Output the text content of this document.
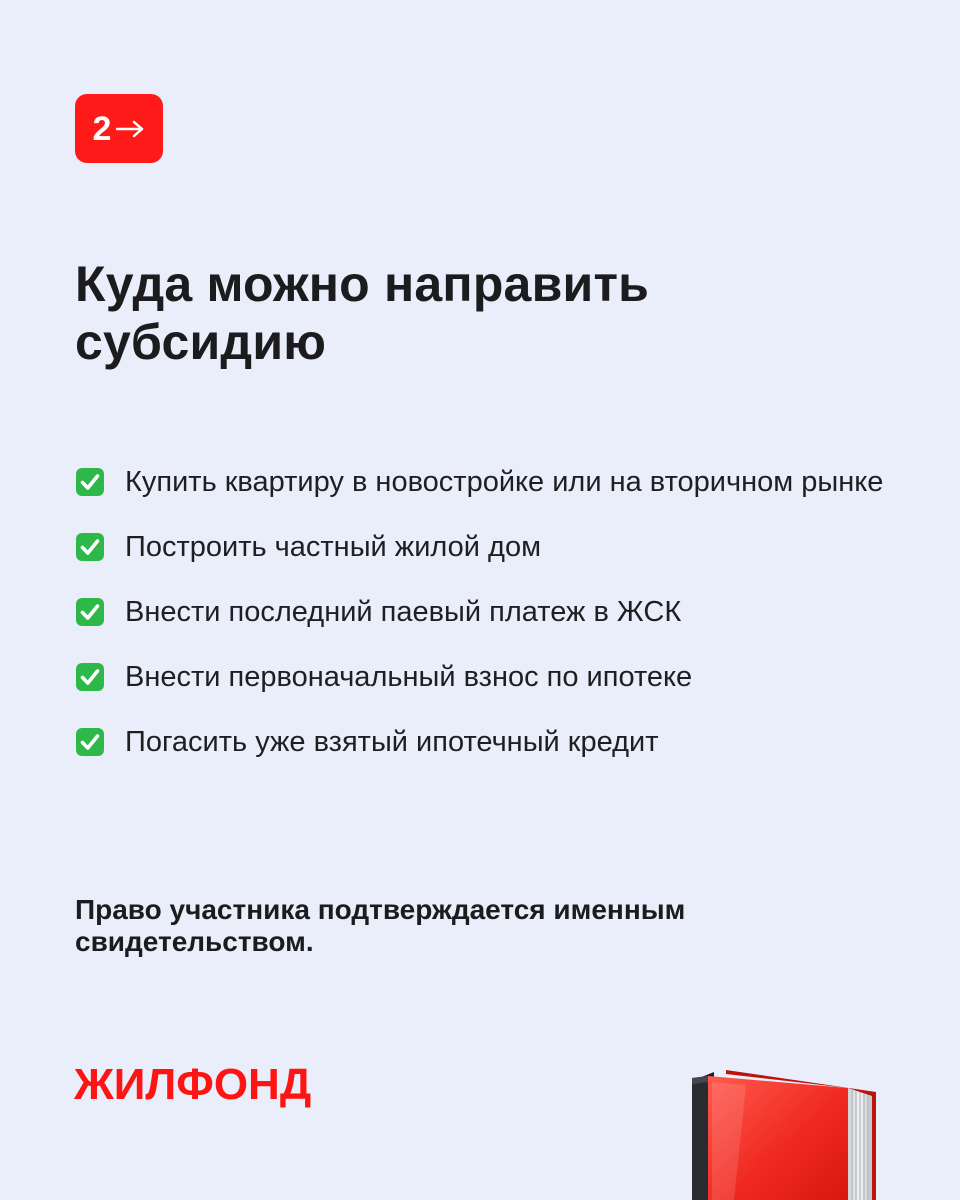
2
Куда можно направить субсидию
Купить квартиру в новостройке или на вторичном рынке
Построить частный жилой дом
Внести последний паевый платеж в ЖСК
Внести первоначальный взнос по ипотеке
Погасить уже взятый ипотечный кредит

Право участника подтверждается именным свидетельством.

ЖИЛФОНД
